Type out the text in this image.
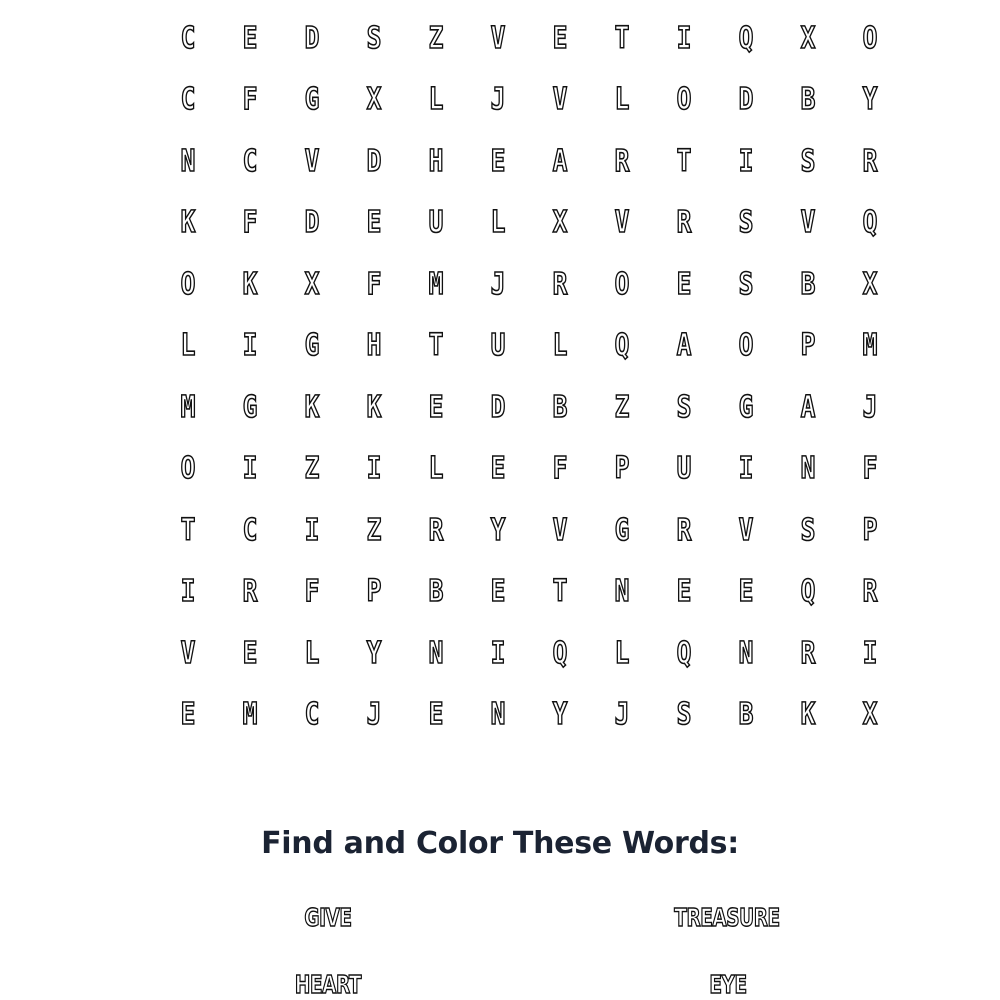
C	E	D	S	Z	V	E	T	I	Q	X	O
C	F	G	X	L	J	V	L	O	D	B	Y
N	C	V	D	H	E	A	R	T	I	S	R
K	F	D	E	U	L	X	V	R	S	V	Q
O	K	X	F	M	J	R	O	E	S	B	X
L	I	G	H	T	U	L	Q	A	O	P	M
M	G	K	K	E	D	B	Z	S	G	A	J
O	I	Z	I	L	E	F	P	U	I	N	F
T	C	I	Z	R	Y	V	G	R	V	S	P
I	R	F	P	B	E	T	N	E	E	Q	R
V	E	L	Y	N	I	Q	L	Q	N	R	I
E	M	C	J	E	N	Y	J	S	B	K	X
Find and Color These Words:
GIVE	TREASURE
HEART	EYE
